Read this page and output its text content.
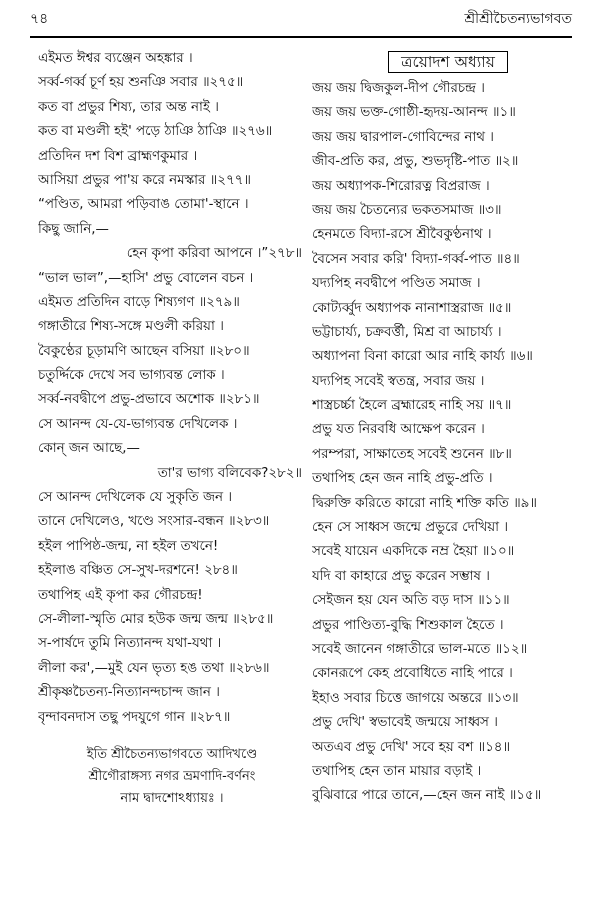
৭৪	শ্রীশ্রীচৈতন্যভাগবত
এইমত ঈশ্বর ব্যঞ্জেন অহঙ্কার ।
সর্ব্ব-গর্ব্ব চূর্ণ হয় শুনঞি সবার ॥২৭৫॥
কত বা প্রভুর শিষ্য, তার অন্ত নাই ।
কত বা মণ্ডলী হই' পড়ে ঠাঞি ঠাঞি ॥২৭৬॥
প্রতিদিন দশ বিশ ব্রাহ্মণকুমার ।
আসিয়া প্রভুর পা'য় করে নমস্কার ॥২৭৭॥
“পণ্ডিত, আমরা পড়িবাঙ তোমা'-স্থানে ।
কিছু জানি,—
হেন কৃপা করিবা আপনে ।”২৭৮॥
“ভাল ভাল”,—হাসি' প্রভু বোলেন বচন ।
এইমত প্রতিদিন বাড়ে শিষ্যগণ ॥২৭৯॥
গঙ্গাতীরে শিষ্য-সঙ্গে মণ্ডলী করিয়া ।
বৈকুণ্ঠের চূড়ামণি আছেন বসিয়া ॥২৮০॥
চতুর্দ্দিকে দেখে সব ভাগ্যবন্ত লোক ।
সর্ব্ব-নবদ্বীপে প্রভু-প্রভাবে অশোক ॥২৮১॥
সে আনন্দ যে-যে-ভাগ্যবন্ত দেখিলেক ।
কোন্‌ জন আছে,—
তা'র ভাগ্য বলিবেক?২৮২॥
সে আনন্দ দেখিলেক যে সুকৃতি জন ।
তানে দেখিলেও, খণ্ডে সংসার-বন্ধন ॥২৮৩॥
হইল পাপিষ্ঠ-জন্ম, না হইল তখনে!
হইলাঙ বঞ্চিত সে-সুখ-দরশনে! ২৮৪॥
তথাপিহ এই কৃপা কর গৌরচন্দ্র!
সে-লীলা-স্মৃতি মোর হউক জন্ম জন্ম ॥২৮৫॥
স-পার্ষদে তুমি নিত্যানন্দ যথা-যথা ।
লীলা কর',—মুই যেন ভৃত্য হঙ তথা ॥২৮৬॥
শ্রীকৃষ্ণচৈতন্য-নিত্যানন্দচান্দ জান ।
বৃন্দাবনদাস তছু পদযুগে গান ॥২৮৭॥
ইতি শ্রীচৈতন্যভাগবতে আদিখণ্ডে
শ্রীগৌরাঙ্গস্য নগর ভ্রমণাদি-বর্ণনং
নাম দ্বাদশোঽধ্যায়ঃ ।
ত্রয়োদশ অধ্যায়
জয় জয় দ্বিজকুল-দীপ গৌরচন্দ্র ।
জয় জয় ভক্ত-গোষ্ঠী-হৃদয়-আনন্দ ॥১॥
জয় জয় দ্বারপাল-গোবিন্দের নাথ ।
জীব-প্রতি কর, প্রভু, শুভদৃষ্টি-পাত ॥২॥
জয় অধ্যাপক-শিরোরত্ন বিপ্ররাজ ।
জয় জয় চৈতন্যের ভকতসমাজ ॥৩॥
হেনমতে বিদ্যা-রসে শ্রীবৈকুণ্ঠনাথ ।
বৈসেন সবার করি' বিদ্যা-গর্ব্ব-পাত ॥৪॥
যদ্যপিহ নবদ্বীপে পণ্ডিত সমাজ ।
কোট্যর্ব্বুদ অধ্যাপক নানাশাস্ত্ররাজ ॥৫॥
ভট্টাচার্য্য, চক্রবর্ত্তী, মিশ্র বা আচার্য্য ।
অধ্যাপনা বিনা কারো আর নাহি কার্য্য ॥৬॥
যদ্যপিহ সবেই স্বতন্ত্র, সবার জয় ।
শাস্ত্রচর্চ্চা হৈলে ব্রহ্মারেহ নাহি সয় ॥৭॥
প্রভু যত নিরবধি আক্ষেপ করেন ।
পরম্পরা, সাক্ষাতেহ সবেই শুনেন ॥৮॥
তথাপিহ হেন জন নাহি প্রভু-প্রতি ।
দ্বিরুক্তি করিতে কারো নাহি শক্তি কতি ॥৯॥
হেন সে সাধ্বস জন্মে প্রভুরে দেখিয়া ।
সবেই যায়েন একদিকে নম্র হৈয়া ॥১০॥
যদি বা কাহারে প্রভু করেন সম্ভাষ ।
সেইজন হয় যেন অতি বড় দাস ॥১১॥
প্রভুর পাণ্ডিত্য-বুদ্ধি শিশুকাল হৈতে ।
সবেই জানেন গঙ্গাতীরে ভাল-মতে ॥১২॥
কোনরূপে কেহ প্রবোধিতে নাহি পারে ।
ইহাও সবার চিত্তে জাগয়ে অন্তরে ॥১৩॥
প্রভু দেখি' স্বভাবেই জন্ময়ে সাধ্বস ।
অতএব প্রভু দেখি' সবে হয় বশ ॥১৪॥
তথাপিহ হেন তান মায়ার বড়াই ।
বুঝিবারে পারে তানে,—হেন জন নাই ॥১৫॥
